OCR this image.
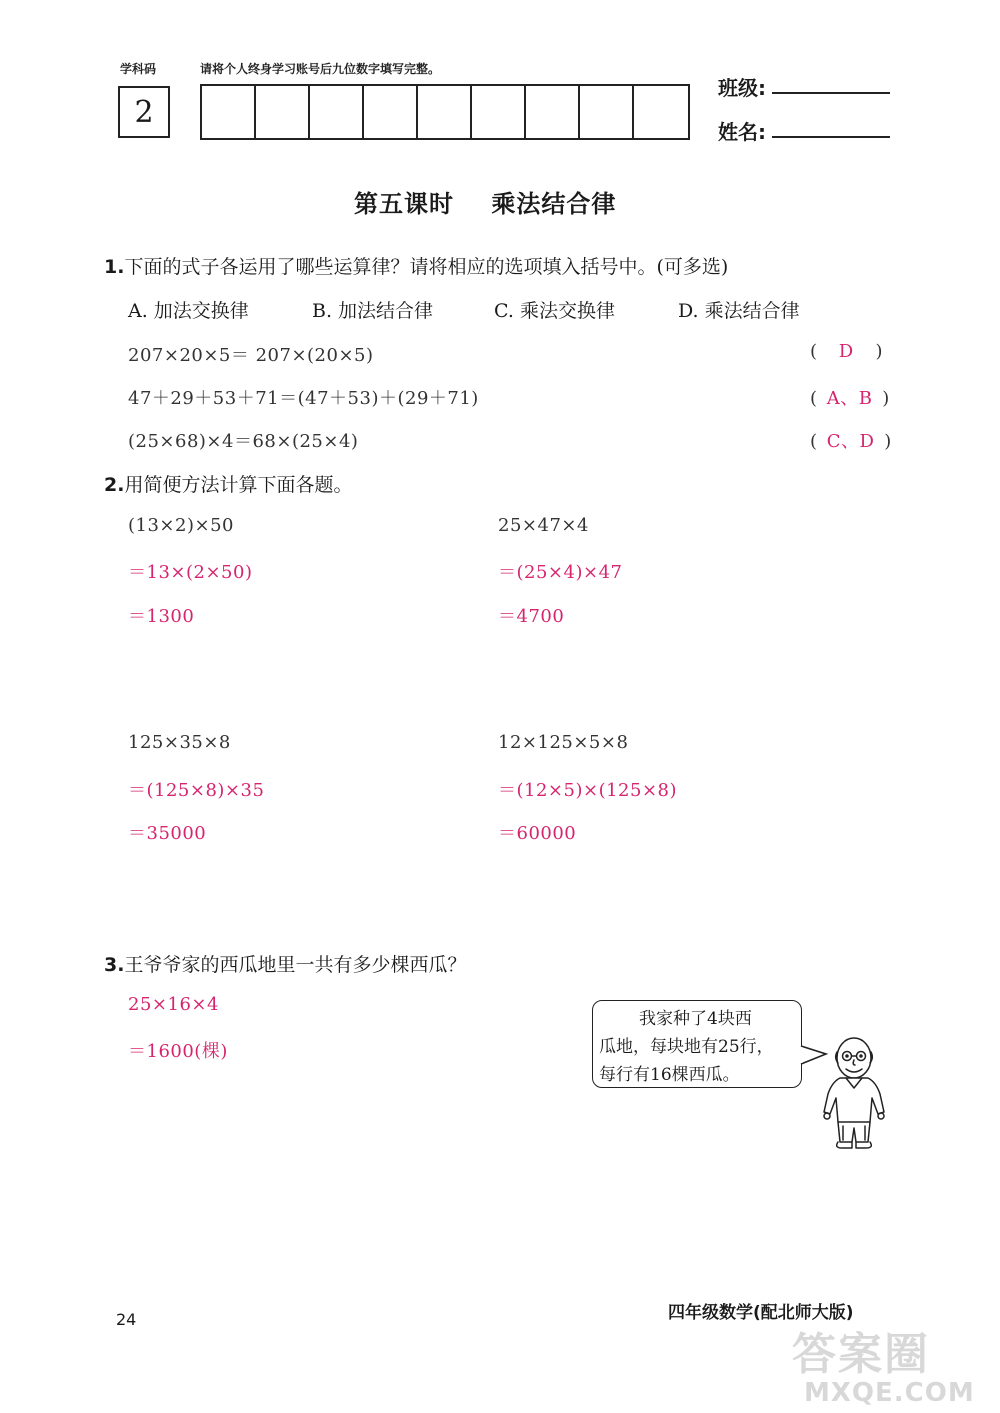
学科码	请将个人终身学习账号后九位数字填写完整。
2
班级:
姓名:
第五课时    乘法结合律
1.下面的式子各运用了哪些运算律？请将相应的选项填入括号中。(可多选)
A. 加法交换律	B. 加法结合律	C. 乘法交换律	D. 乘法结合律
207×20×5＝ 207×(20×5)	( D )
47＋29＋53＋71＝(47＋53)＋(29＋71)	( A、B )
(25×68)×4＝68×(25×4)	( C、D )
2.用简便方法计算下面各题。
(13×2)×50
＝13×(2×50)
＝1300
25×47×4
＝(25×4)×47
＝4700
125×35×8
＝(125×8)×35
＝35000
12×125×5×8
＝(12×5)×(125×8)
＝60000
3.王爷爷家的西瓜地里一共有多少棵西瓜？
25×16×4
＝1600(棵)
我家种了4块西
瓜地，每块地有25行，
每行有16棵西瓜。
24	四年级数学(配北师大版)
答案圈
MXQE.COM
